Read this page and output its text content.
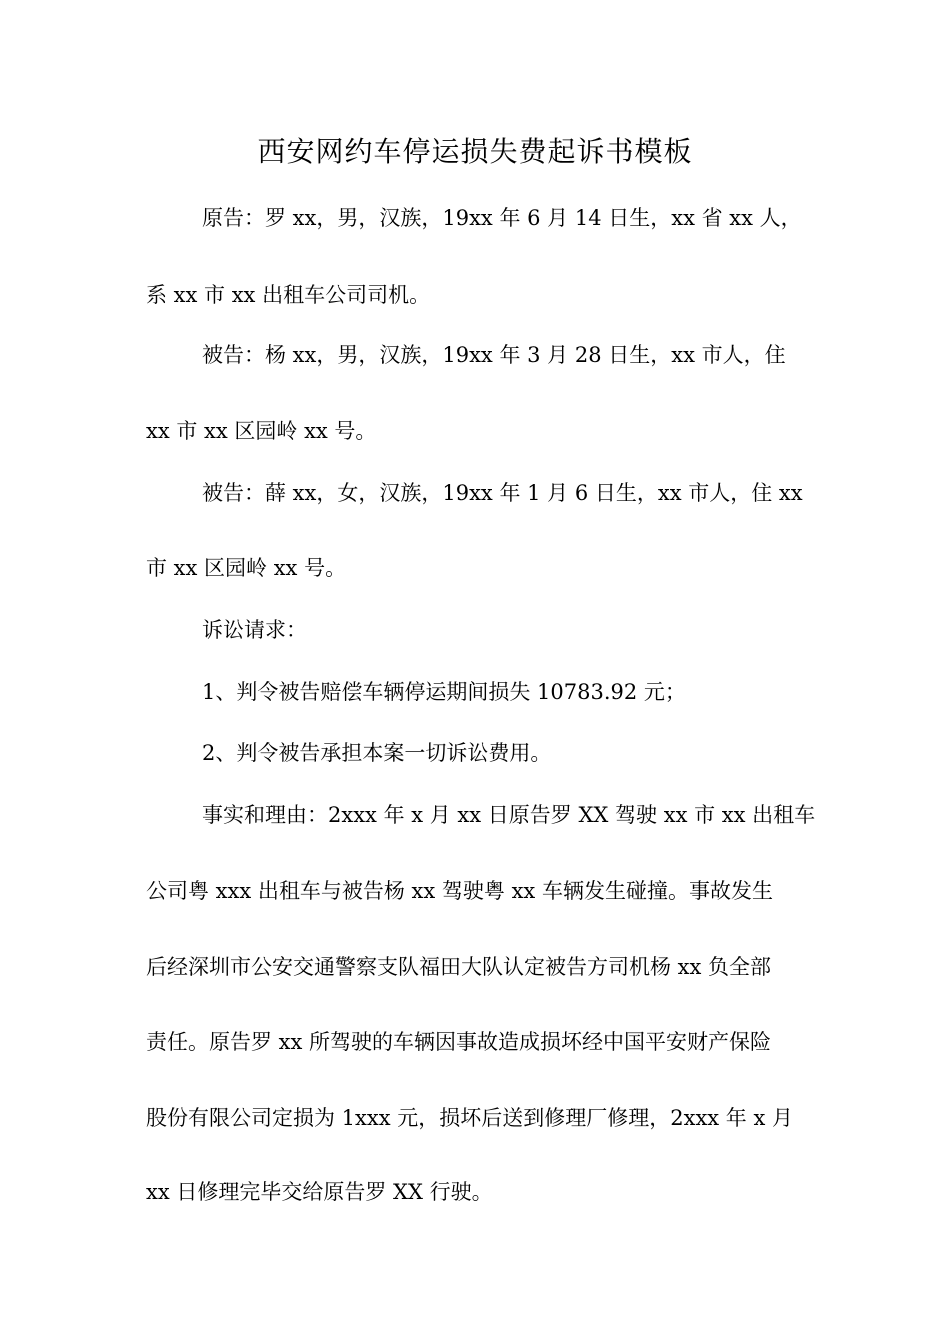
西安网约车停运损失费起诉书模板
原告：罗 xx，男，汉族，19xx 年 6 月 14 日生，xx 省 xx 人，
系 xx 市 xx 出租车公司司机。
被告：杨 xx，男，汉族，19xx 年 3 月 28 日生，xx 市人，住
xx 市 xx 区园岭 xx 号。
被告：薛 xx，女，汉族，19xx 年 1 月 6 日生，xx 市人，住 xx
市 xx 区园岭 xx 号。
诉讼请求：
1、判令被告赔偿车辆停运期间损失 10783.92 元；
2、判令被告承担本案一切诉讼费用。
事实和理由：2xxx 年 x 月 xx 日原告罗 XX 驾驶 xx 市 xx 出租车
公司粤 xxx 出租车与被告杨 xx 驾驶粤 xx 车辆发生碰撞。事故发生
后经深圳市公安交通警察支队福田大队认定被告方司机杨 xx 负全部
责任。原告罗 xx 所驾驶的车辆因事故造成损坏经中国平安财产保险
股份有限公司定损为 1xxx 元，损坏后送到修理厂修理，2xxx 年 x 月
xx 日修理完毕交给原告罗 XX 行驶。
